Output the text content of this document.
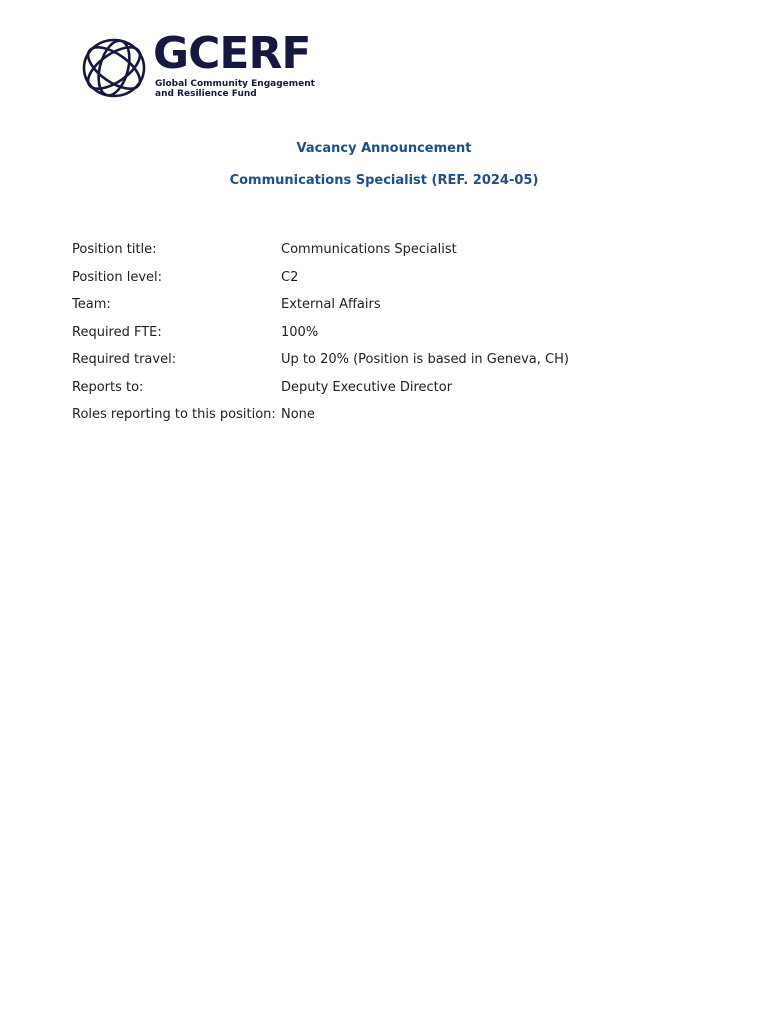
GCERF
Global Community Engagement
and Resilience Fund

Vacancy Announcement

Communications Specialist (REF. 2024-05)

Position title:	Communications Specialist
Position level:	C2
Team:	External Affairs
Required FTE:	100%
Required travel:	Up to 20% (Position is based in Geneva, CH)
Reports to:	Deputy Executive Director
Roles reporting to this position:	None
